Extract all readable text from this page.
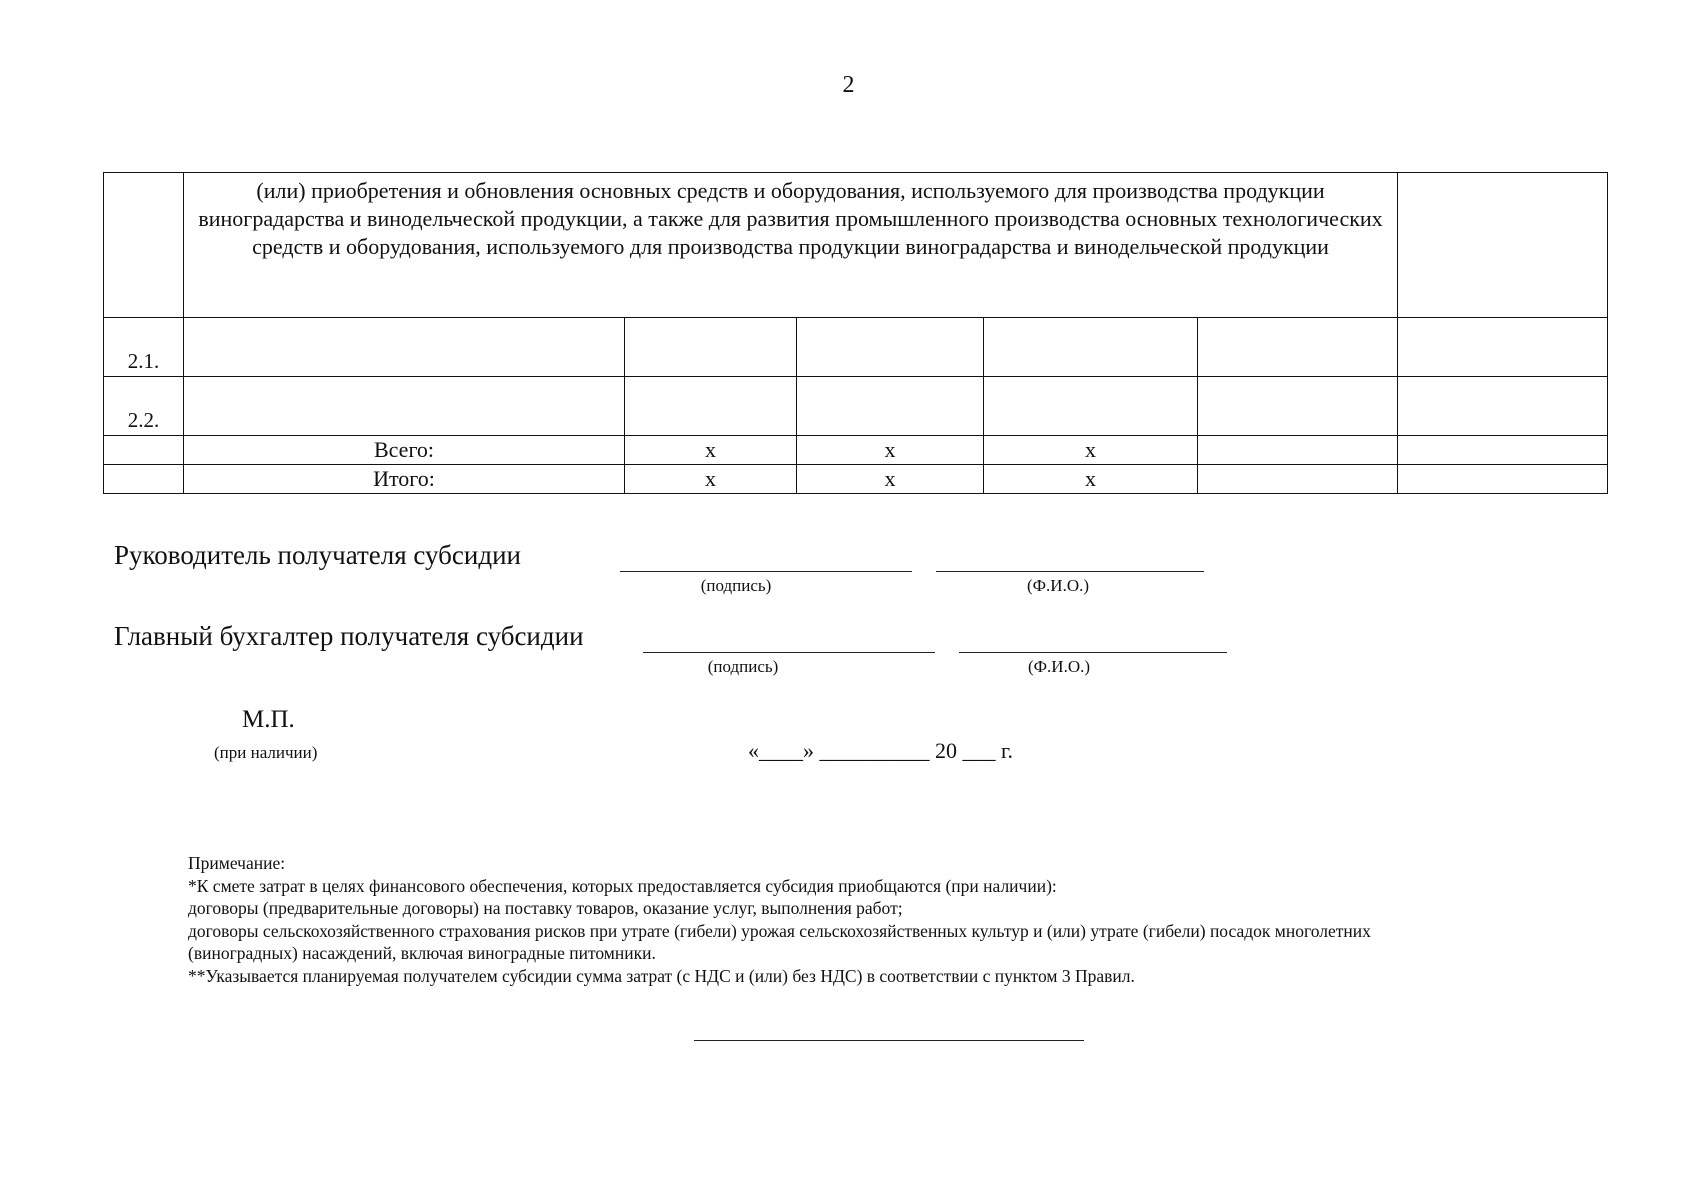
2
	(или) приобретения и обновления основных средств и оборудования, используемого для производства продукции виноградарства и винодельческой продукции, а также для развития промышленного производства основных технологических средств и оборудования, используемого для производства продукции виноградарства и винодельческой продукции					
2.1.						
2.2.						
	Всего:	х	х	х		
	Итого:	х	х	х		
Руководитель получателя субсидии
(подпись)	(Ф.И.О.)
Главный бухгалтер получателя субсидии
(подпись)	(Ф.И.О.)
М.П.
(при наличии)	«____» __________ 20 ___ г.
Примечание:
*К смете затрат в целях финансового обеспечения, которых предоставляется субсидия приобщаются (при наличии):
договоры (предварительные договоры) на поставку товаров, оказание услуг, выполнения работ;
договоры сельскохозяйственного страхования рисков при утрате (гибели) урожая сельскохозяйственных культур и (или) утрате (гибели) посадок многолетних
(виноградных) насаждений, включая виноградные питомники.
**Указывается планируемая получателем субсидии сумма затрат (с НДС и (или) без НДС) в соответствии с пунктом 3 Правил.
